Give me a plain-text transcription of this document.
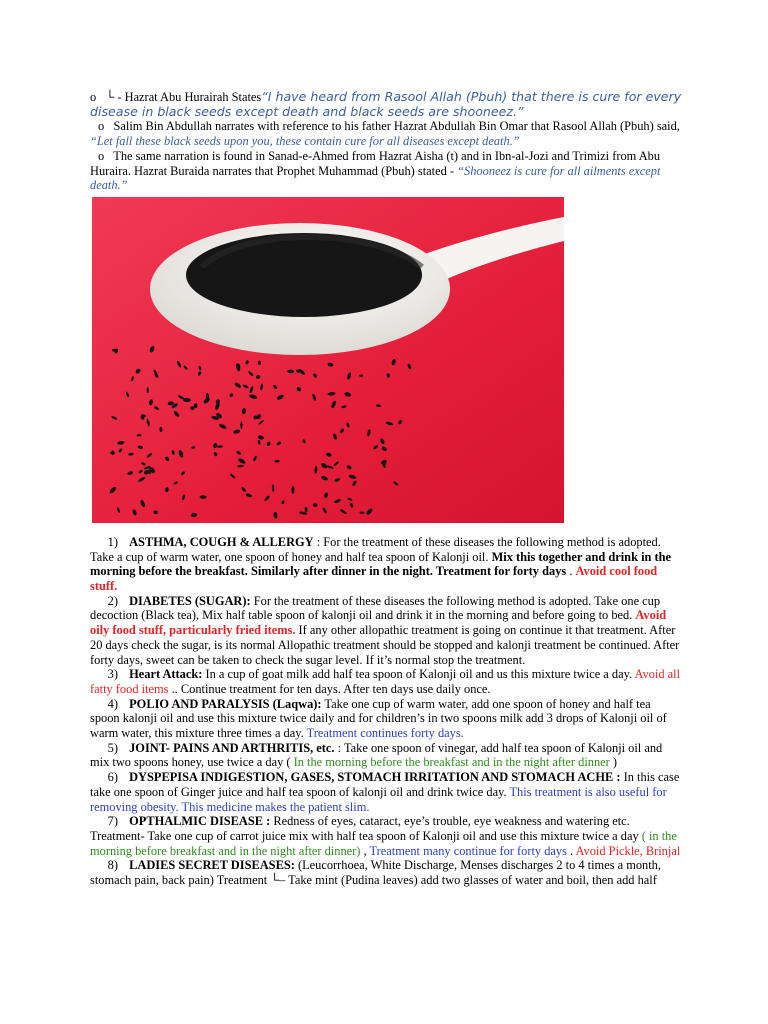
o └ - Hazrat Abu Hurairah States“I have heard from Rasool Allah (Pbuh) that there is cure for every disease in black seeds except death and black seeds are shooneez.”

o Salim Bin Abdullah narrates with reference to his father Hazrat Abdullah Bin Omar that Rasool Allah (Pbuh) said, “Let fall these black seeds upon you, these contain cure for all diseases except death.”

o The same narration is found in Sanad-e-Ahmed from Hazrat Aisha (t) and in Ibn-al-Jozi and Trimizi from Abu Huraira. Hazrat Buraida narrates that Prophet Muhammad (Pbuh) stated - “Shooneez is cure for all ailments except death.”

1) ASTHMA, COUGH & ALLERGY : For the treatment of these diseases the following method is adopted. Take a cup of warm water, one spoon of honey and half tea spoon of Kalonji oil. Mix this together and drink in the morning before the breakfast. Similarly after dinner in the night. Treatment for forty days . Avoid cool food stuff.

2) DIABETES (SUGAR): For the treatment of these diseases the following method is adopted. Take one cup decoction (Black tea), Mix half table spoon of kalonji oil and drink it in the morning and before going to bed. Avoid oily food stuff, particularly fried items. If any other allopathic treatment is going on continue it that treatment. After 20 days check the sugar, is its normal Allopathic treatment should be stopped and kalonji treatment be continued. After forty days, sweet can be taken to check the sugar level. If it’s normal stop the treatment.

3) Heart Attack: In a cup of goat milk add half tea spoon of Kalonji oil and us this mixture twice a day. Avoid all fatty food items .. Continue treatment for ten days. After ten days use daily once.

4) POLIO AND PARALYSIS (Laqwa): Take one cup of warm water, add one spoon of honey and half tea spoon kalonji oil and use this mixture twice daily and for children’s in two spoons milk add 3 drops of Kalonji oil of warm water, this mixture three times a day. Treatment continues forty days.

5) JOINT- PAINS AND ARTHRITIS, etc. : Take one spoon of vinegar, add half tea spoon of Kalonji oil and mix two spoons honey, use twice a day ( In the morning before the breakfast and in the night after dinner )

6) DYSPEPISA INDIGESTION, GASES, STOMACH IRRITATION AND STOMACH ACHE : In this case take one spoon of Ginger juice and half tea spoon of kalonji oil and drink twice day. This treatment is also useful for removing obesity. This medicine makes the patient slim.

7) OPTHALMIC DISEASE : Redness of eyes, cataract, eye’s trouble, eye weakness and watering etc. Treatment- Take one cup of carrot juice mix with half tea spoon of Kalonji oil and use this mixture twice a day ( in the morning before breakfast and in the night after dinner) , Treatment many continue for forty days . Avoid Pickle, Brinjal

8) LADIES SECRET DISEASES: (Leucorrhoea, White Discharge, Menses discharges 2 to 4 times a month, stomach pain, back pain) Treatment └– Take mint (Pudina leaves) add two glasses of water and boil, then add half
